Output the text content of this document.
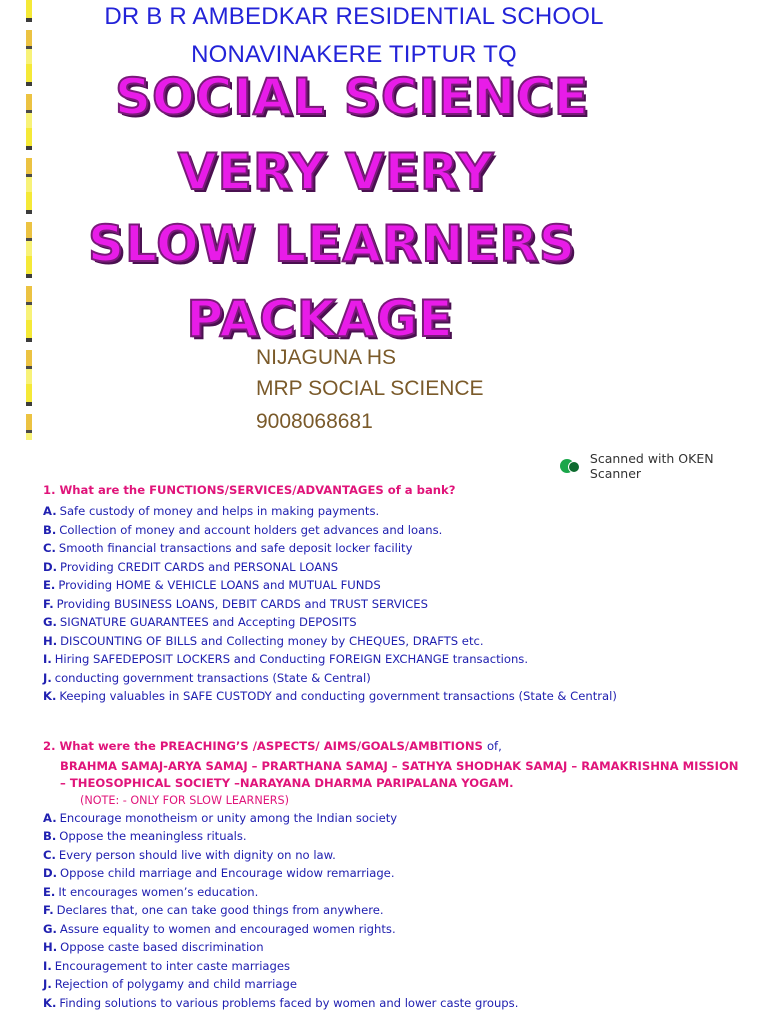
DR B R AMBEDKAR RESIDENTIAL SCHOOL
NONAVINAKERE TIPTUR TQ
SOCIAL SCIENCE
VERY VERY
SLOW LEARNERS
PACKAGE
NIJAGUNA HS
MRP SOCIAL SCIENCE
9008068681
Scanned with OKEN Scanner
1. What are the FUNCTIONS/SERVICES/ADVANTAGES of a bank?
A. Safe custody of money and helps in making payments.
B. Collection of money and account holders get advances and loans.
C. Smooth financial transactions and safe deposit locker facility
D. Providing CREDIT CARDS and PERSONAL LOANS
E. Providing HOME & VEHICLE LOANS and MUTUAL FUNDS
F. Providing BUSINESS LOANS, DEBIT CARDS and TRUST SERVICES
G. SIGNATURE GUARANTEES and Accepting DEPOSITS
H. DISCOUNTING OF BILLS and Collecting money by CHEQUES, DRAFTS etc.
I. Hiring SAFEDEPOSIT LOCKERS and Conducting FOREIGN EXCHANGE transactions.
J. conducting government transactions (State & Central)
K. Keeping valuables in SAFE CUSTODY and conducting government transactions (State & Central)
2. What were the PREACHING’S /ASPECTS/ AIMS/GOALS/AMBITIONS of,
BRAHMA SAMAJ-ARYA SAMAJ – PRARTHANA SAMAJ – SATHYA SHODHAK SAMAJ – RAMAKRISHNA MISSION
– THEOSOPHICAL SOCIETY –NARAYANA DHARMA PARIPALANA YOGAM.
(NOTE: - ONLY FOR SLOW LEARNERS)
A. Encourage monotheism or unity among the Indian society
B. Oppose the meaningless rituals.
C. Every person should live with dignity on no law.
D. Oppose child marriage and Encourage widow remarriage.
E. It encourages women’s education.
F. Declares that, one can take good things from anywhere.
G. Assure equality to women and encouraged women rights.
H. Oppose caste based discrimination
I. Encouragement to inter caste marriages
J. Rejection of polygamy and child marriage
K. Finding solutions to various problems faced by women and lower caste groups.
